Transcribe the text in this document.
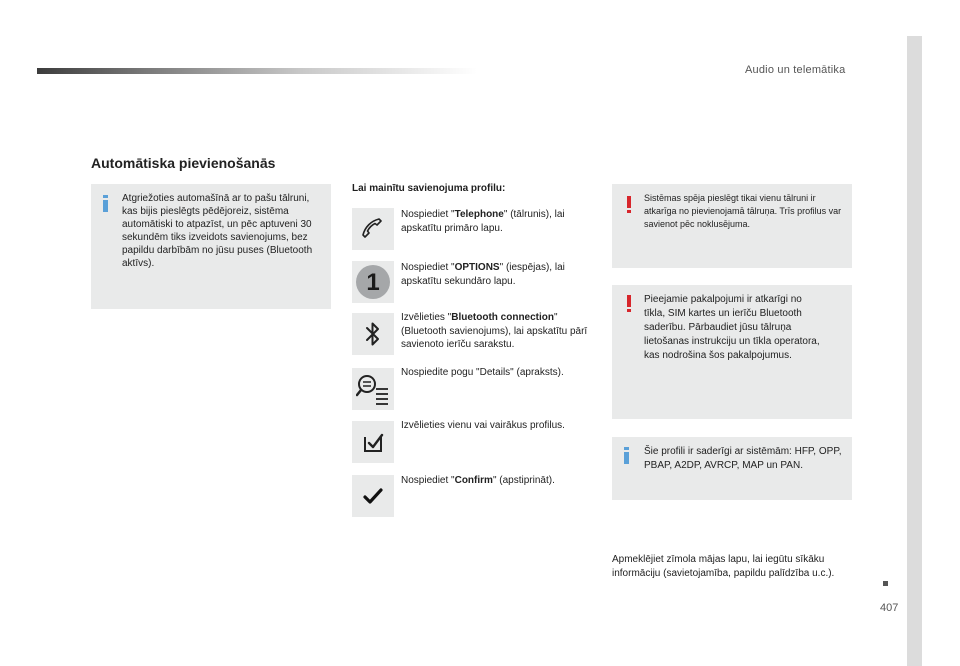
Audio un telemātika
407
Automātiska pievienošanās
Atgriežoties automašīnā ar to pašu tālruni, kas bijis pieslēgts pēdējoreiz, sistēma automātiski to atpazīst, un pēc aptuveni 30 sekundēm tiks izveidots savienojums, bez papildu darbībām no jūsu puses (Bluetooth aktīvs).
Lai mainītu savienojuma profilu:
Nospiediet "Telephone" (tālrunis), lai apskatītu primāro lapu.
1
Nospiediet "OPTIONS" (iespējas), lai apskatītu sekundāro lapu.
Izvēlieties "Bluetooth connection" (Bluetooth savienojums), lai apskatītu pārī savienoto ierīču sarakstu.
Nospiedite pogu "Details" (apraksts).
Izvēlieties vienu vai vairākus profilus.
Nospiediet "Confirm" (apstiprināt).
Sistēmas spēja pieslēgt tikai vienu tālruni ir atkarīga no pievienojamā tālruņa. Trīs profilus var savienot pēc noklusējuma.
Pieejamie pakalpojumi ir atkarīgi no tīkla, SIM kartes un ierīču Bluetooth saderību. Pārbaudiet jūsu tālruņa lietošanas instrukciju un tīkla operatora, kas nodrošina šos pakalpojumus.
Šie profili ir saderīgi ar sistēmām: HFP, OPP, PBAP, A2DP, AVRCP, MAP un PAN.
Apmeklējiet zīmola mājas lapu, lai iegūtu sīkāku informāciju (savietojamība, papildu palīdzība u.c.).
